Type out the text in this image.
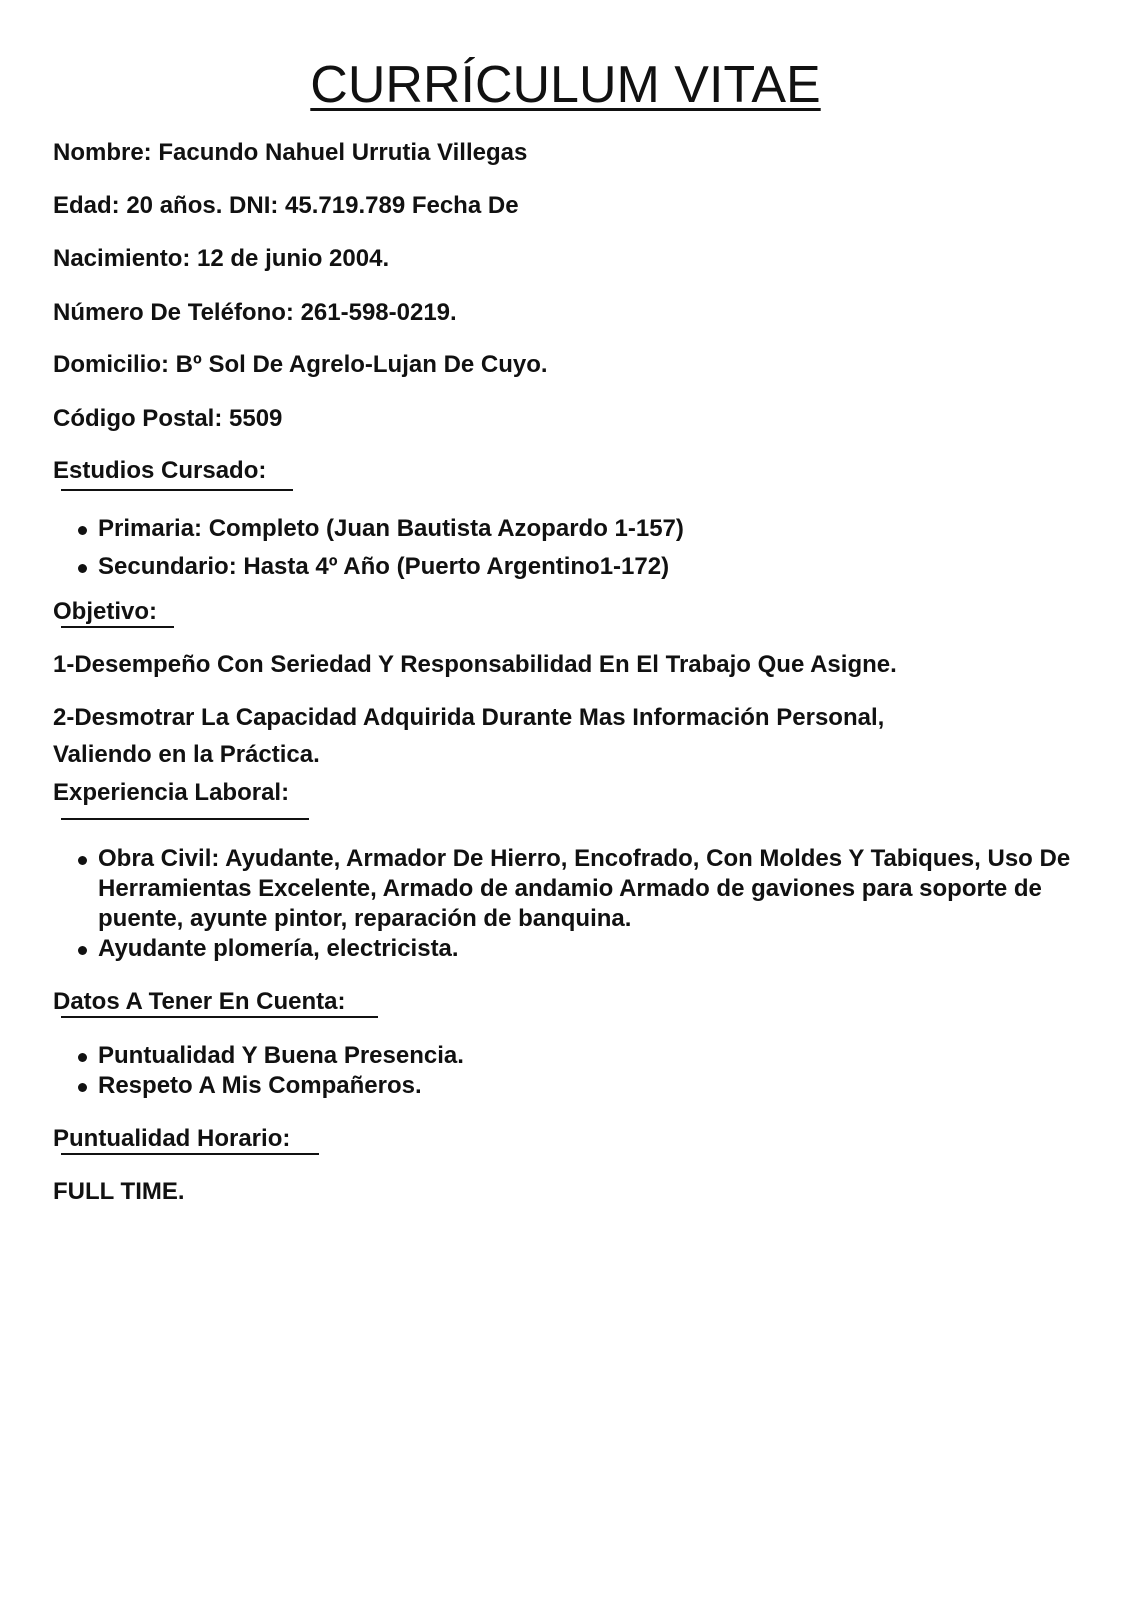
CURRÍCULUM VITAE

Nombre: Facundo Nahuel Urrutia Villegas

Edad: 20 años. DNI: 45.719.789 Fecha De

Nacimiento: 12 de junio 2004.

Número De Teléfono: 261-598-0219.

Domicilio: Bº Sol De Agrelo-Lujan De Cuyo.

Código Postal: 5509

Estudios Cursado:

Primaria: Completo (Juan Bautista Azopardo 1-157)
Secundario: Hasta 4º Año (Puerto Argentino1-172)

Objetivo:

1-Desempeño Con Seriedad Y Responsabilidad En El Trabajo Que Asigne.

2-Desmotrar La Capacidad Adquirida Durante Mas Información Personal,

Valiendo en la Práctica.

Experiencia Laboral:

Obra Civil: Ayudante, Armador De Hierro, Encofrado, Con Moldes Y Tabiques, Uso De Herramientas Excelente, Armado de andamio Armado de gaviones para soporte de puente, ayunte pintor, reparación de banquina.
Ayudante plomería, electricista.

Datos A Tener En Cuenta:

Puntualidad Y Buena Presencia.
Respeto A Mis Compañeros.

Puntualidad Horario:

FULL TIME.
